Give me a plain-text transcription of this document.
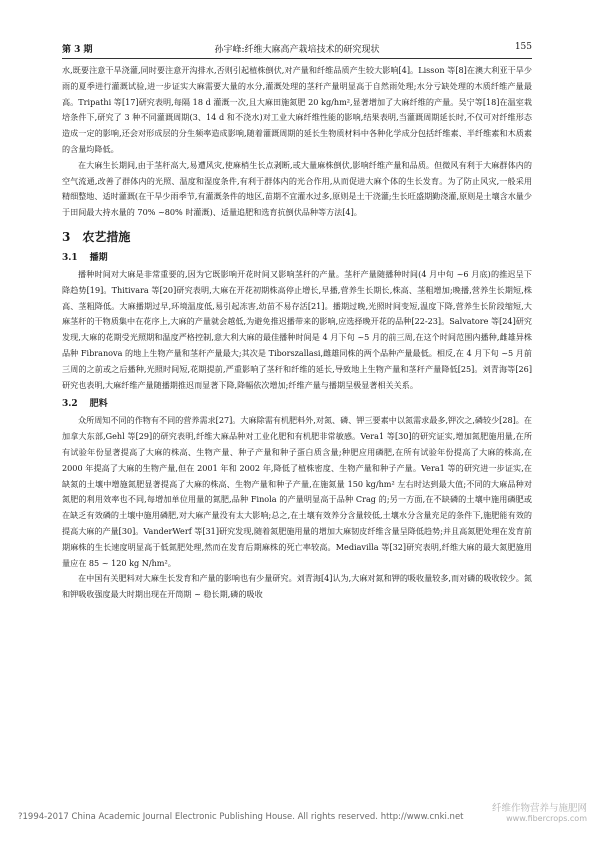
第 3 期	孙宇峰:纤维大麻高产栽培技术的研究现状	155

水,既要注意干旱浇灌,同时要注意开沟排水,否则引起植株倒伏,对产量和纤维品质产生较大影响[4]。Lisson 等[8]在澳大利亚干旱少雨的夏季进行灌溉试验,进一步证实大麻需要大量的水分,灌溉处理的茎秆产量明显高于自然雨处理;水分亏缺处理的木质纤维产量最高。Tripathi 等[17]研究表明,每隔 18 d 灌溉一次,且大麻田施氮肥 20 kg/hm²,显著增加了大麻纤维的产量。吴宁等[18]在温室栽培条件下,研究了 3 种不同灌溉周期(3、14 d 和不浇水)对工业大麻纤维性能的影响,结果表明,当灌溉周期延长时,不仅可对纤维形态造成一定的影响,还会对形成层的分生频率造成影响,随着灌溉周期的延长生物质材料中各种化学成分包括纤维素、半纤维素和木质素的含量均降低。

在大麻生长期间,由于茎秆高大,易遭风灾,使麻梢生长点剥断,或大量麻株倒伏,影响纤维产量和品质。但微风有利于大麻群体内的空气流通,改善了群体内的光照、温度和湿度条件,有利于群体内的光合作用,从而促进大麻个体的生长发育。为了防止风灾,一般采用精细整地、适时灌溉(在干旱少雨季节,有灌溉条件的地区,苗期不宜灌水过多,原则是土干浇灌;生长旺盛期勤浇灌,原则是土壤含水量少于田间最大持水量的 70% ~80% 时灌溉)、适量追肥和选育抗倒伏品种等方法[4]。

3 农艺措施
3.1 播期

播种时间对大麻是非常重要的,因为它既影响开花时间又影响茎秆的产量。茎秆产量随播种时间(4 月中旬 ~6 月底)的推迟呈下降趋势[19]。Thitivara 等[20]研究表明,大麻在开花初期株高停止增长,早播,营养生长期长,株高、茎粗增加;晚播,营养生长期短,株高、茎粗降低。大麻播期过早,环境温度低,易引起冻害,幼苗不易存活[21]。播期过晚,光照时间变短,温度下降,营养生长阶段缩短,大麻茎秆的干物质集中在花序上,大麻的产量就会越低,为避免推迟播带来的影响,应选择晚开花的品种[22-23]。Salvatore 等[24]研究发现,大麻的花期受光照期和温度严格控制,意大利大麻的最佳播种时间是 4 月下旬 ~5 月的前三周,在这个时间范围内播种,雌雄异株品种 Fibranova 的地上生物产量和茎秆产量最大;其次是 Tiborszallasi,雌雄同株的两个品种产量最低。相反,在 4 月下旬 ~5 月前三周的之前或之后播种,光照时间短,花期提前,严重影响了茎秆和纤维的延长,导致地上生物产量和茎秆产量降低[25]。刘青海等[26]研究也表明,大麻纤维产量随播期推迟而显著下降,降幅依次增加;纤维产量与播期呈极显著相关关系。

3.2 肥料

众所周知不同的作物有不同的营养需求[27]。大麻除需有机肥料外,对氮、磷、钾三要素中以氮需求最多,钾次之,磷较少[28]。在加拿大东部,Gehl 等[29]的研究表明,纤维大麻品种对工业化肥和有机肥非常敏感。Vera1 等[30]的研究证实,增加氮肥施用量,在所有试验年份显著提高了大麻的株高、生物产量、种子产量和种子蛋白质含量;种肥应用磷肥,在所有试验年份提高了大麻的株高,在 2000 年提高了大麻的生物产量,但在 2001 年和 2002 年,降低了植株密度、生物产量和种子产量。Vera1 等的研究进一步证实,在缺氮的土壤中增施氮肥显著提高了大麻的株高、生物产量和种子产量,在施氮量 150 kg/hm² 左右时达到最大值;不同的大麻品种对氮肥的利用效率也不同,每增加单位用量的氮肥,品种 Finola 的产量明显高于品种 Crag 的;另一方面,在不缺磷的土壤中施用磷肥或在缺乏有效磷的土壤中施用磷肥,对大麻产量没有太大影响;总之,在土壤有效养分含量较低,土壤水分含量充足的条件下,施肥能有效的提高大麻的产量[30]。VanderWerf 等[31]研究发现,随着氮肥施用量的增加大麻韧皮纤维含量呈降低趋势;并且高氮肥处理在发育前期麻株的生长速度明显高于低氮肥处理,然而在发育后期麻株的死亡率较高。Mediavilla 等[32]研究表明,纤维大麻的最大氮肥施用量应在 85 ~ 120 kg N/hm²。

在中国有关肥料对大麻生长发育和产量的影响也有少量研究。刘青海[4]认为,大麻对氮和钾的吸收量较多,而对磷的吸收较少。氮和钾吸收强度最大时期出现在开筒期 ~ 稳长期,磷的吸收

?1994-2017 China Academic Journal Electronic Publishing House. All rights reserved. http://www.cnki.net
纤维作物营养与施肥网
www.fibercrops.com
